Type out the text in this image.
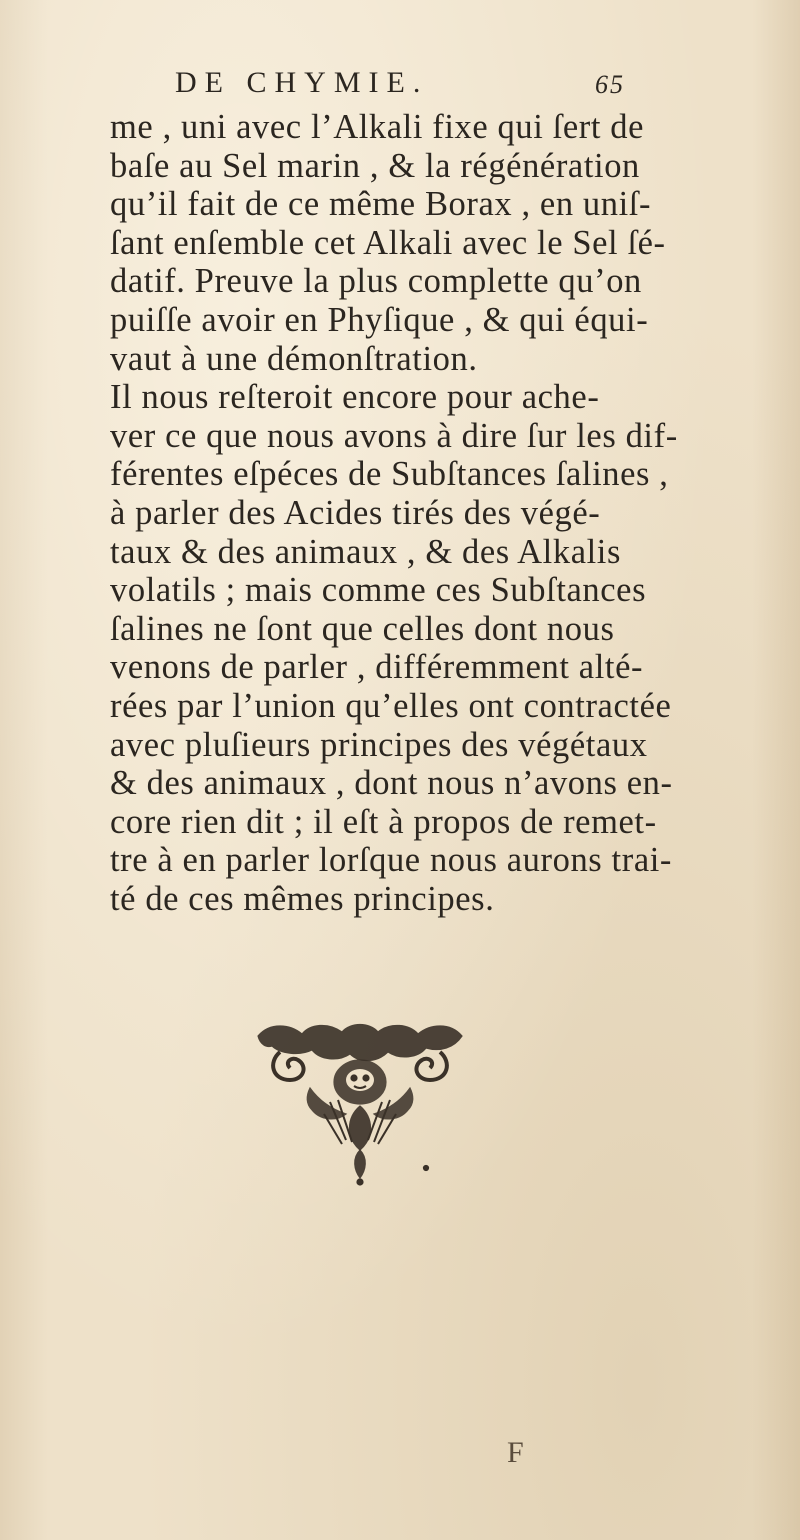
DE CHYMIE.	65
me , uni avec l’Alkali fixe qui ſert de
baſe au Sel marin , & la régénération
qu’il fait de ce même Borax , en uniſ-
ſant enſemble cet Alkali avec le Sel ſé-
datif. Preuve la plus complette qu’on
puiſſe avoir en Phyſique , & qui équi-
vaut à une démonſtration.
Il nous reſteroit encore pour ache-
ver ce que nous avons à dire ſur les dif-
férentes eſpéces de Subſtances ſalines ,
à parler des Acides tirés des végé-
taux & des animaux , & des Alkalis
volatils ; mais comme ces Subſtances
ſalines ne ſont que celles dont nous
venons de parler , différemment alté-
rées par l’union qu’elles ont contractée
avec pluſieurs principes des végétaux
& des animaux , dont nous n’avons en-
core rien dit ; il eſt à propos de remet-
tre à en parler lorſque nous aurons trai-
té de ces mêmes principes.
F
